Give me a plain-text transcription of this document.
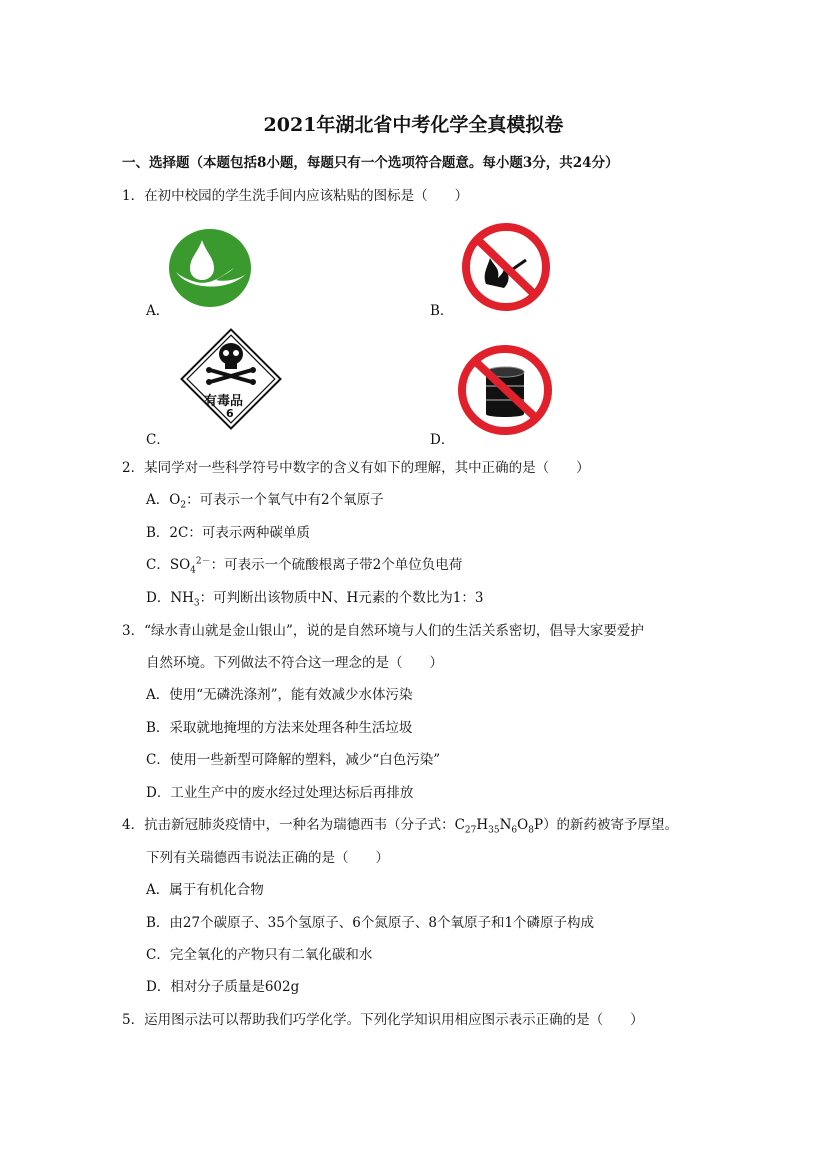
2021年湖北省中考化学全真模拟卷
一、选择题（本题包括8小题，每题只有一个选项符合题意。每小题3分，共24分）
1．在初中校园的学生洗手间内应该粘贴的图标是（　　）
A．	B．
C．
有毒品
6
D．
2．某同学对一些科学符号中数字的含义有如下的理解，其中正确的是（　　）
A．$O_2$：可表示一个氧气中有2个氧原子
B．2C：可表示两种碳单质
C．$SO_4^{2-}$：可表示一个硫酸根离子带2个单位负电荷
D．$NH_3$：可判断出该物质中N、H元素的个数比为1：3
3．“绿水青山就是金山银山”，说的是自然环境与人们的生活关系密切，倡导大家要爱护
自然环境。下列做法不符合这一理念的是（　　）
A．使用“无磷洗涤剂”，能有效减少水体污染
B．采取就地掩埋的方法来处理各种生活垃圾
C．使用一些新型可降解的塑料，减少“白色污染”
D．工业生产中的废水经过处理达标后再排放
4．抗击新冠肺炎疫情中，一种名为瑞德西韦（分子式：$C_{27}H_{35}N_6O_8P$）的新药被寄予厚望。
下列有关瑞德西韦说法正确的是（　　）
A．属于有机化合物
B．由27个碳原子、35个氢原子、6个氮原子、8个氧原子和1个磷原子构成
C．完全氧化的产物只有二氧化碳和水
D．相对分子质量是602g
5．运用图示法可以帮助我们巧学化学。下列化学知识用相应图示表示正确的是（　　）
